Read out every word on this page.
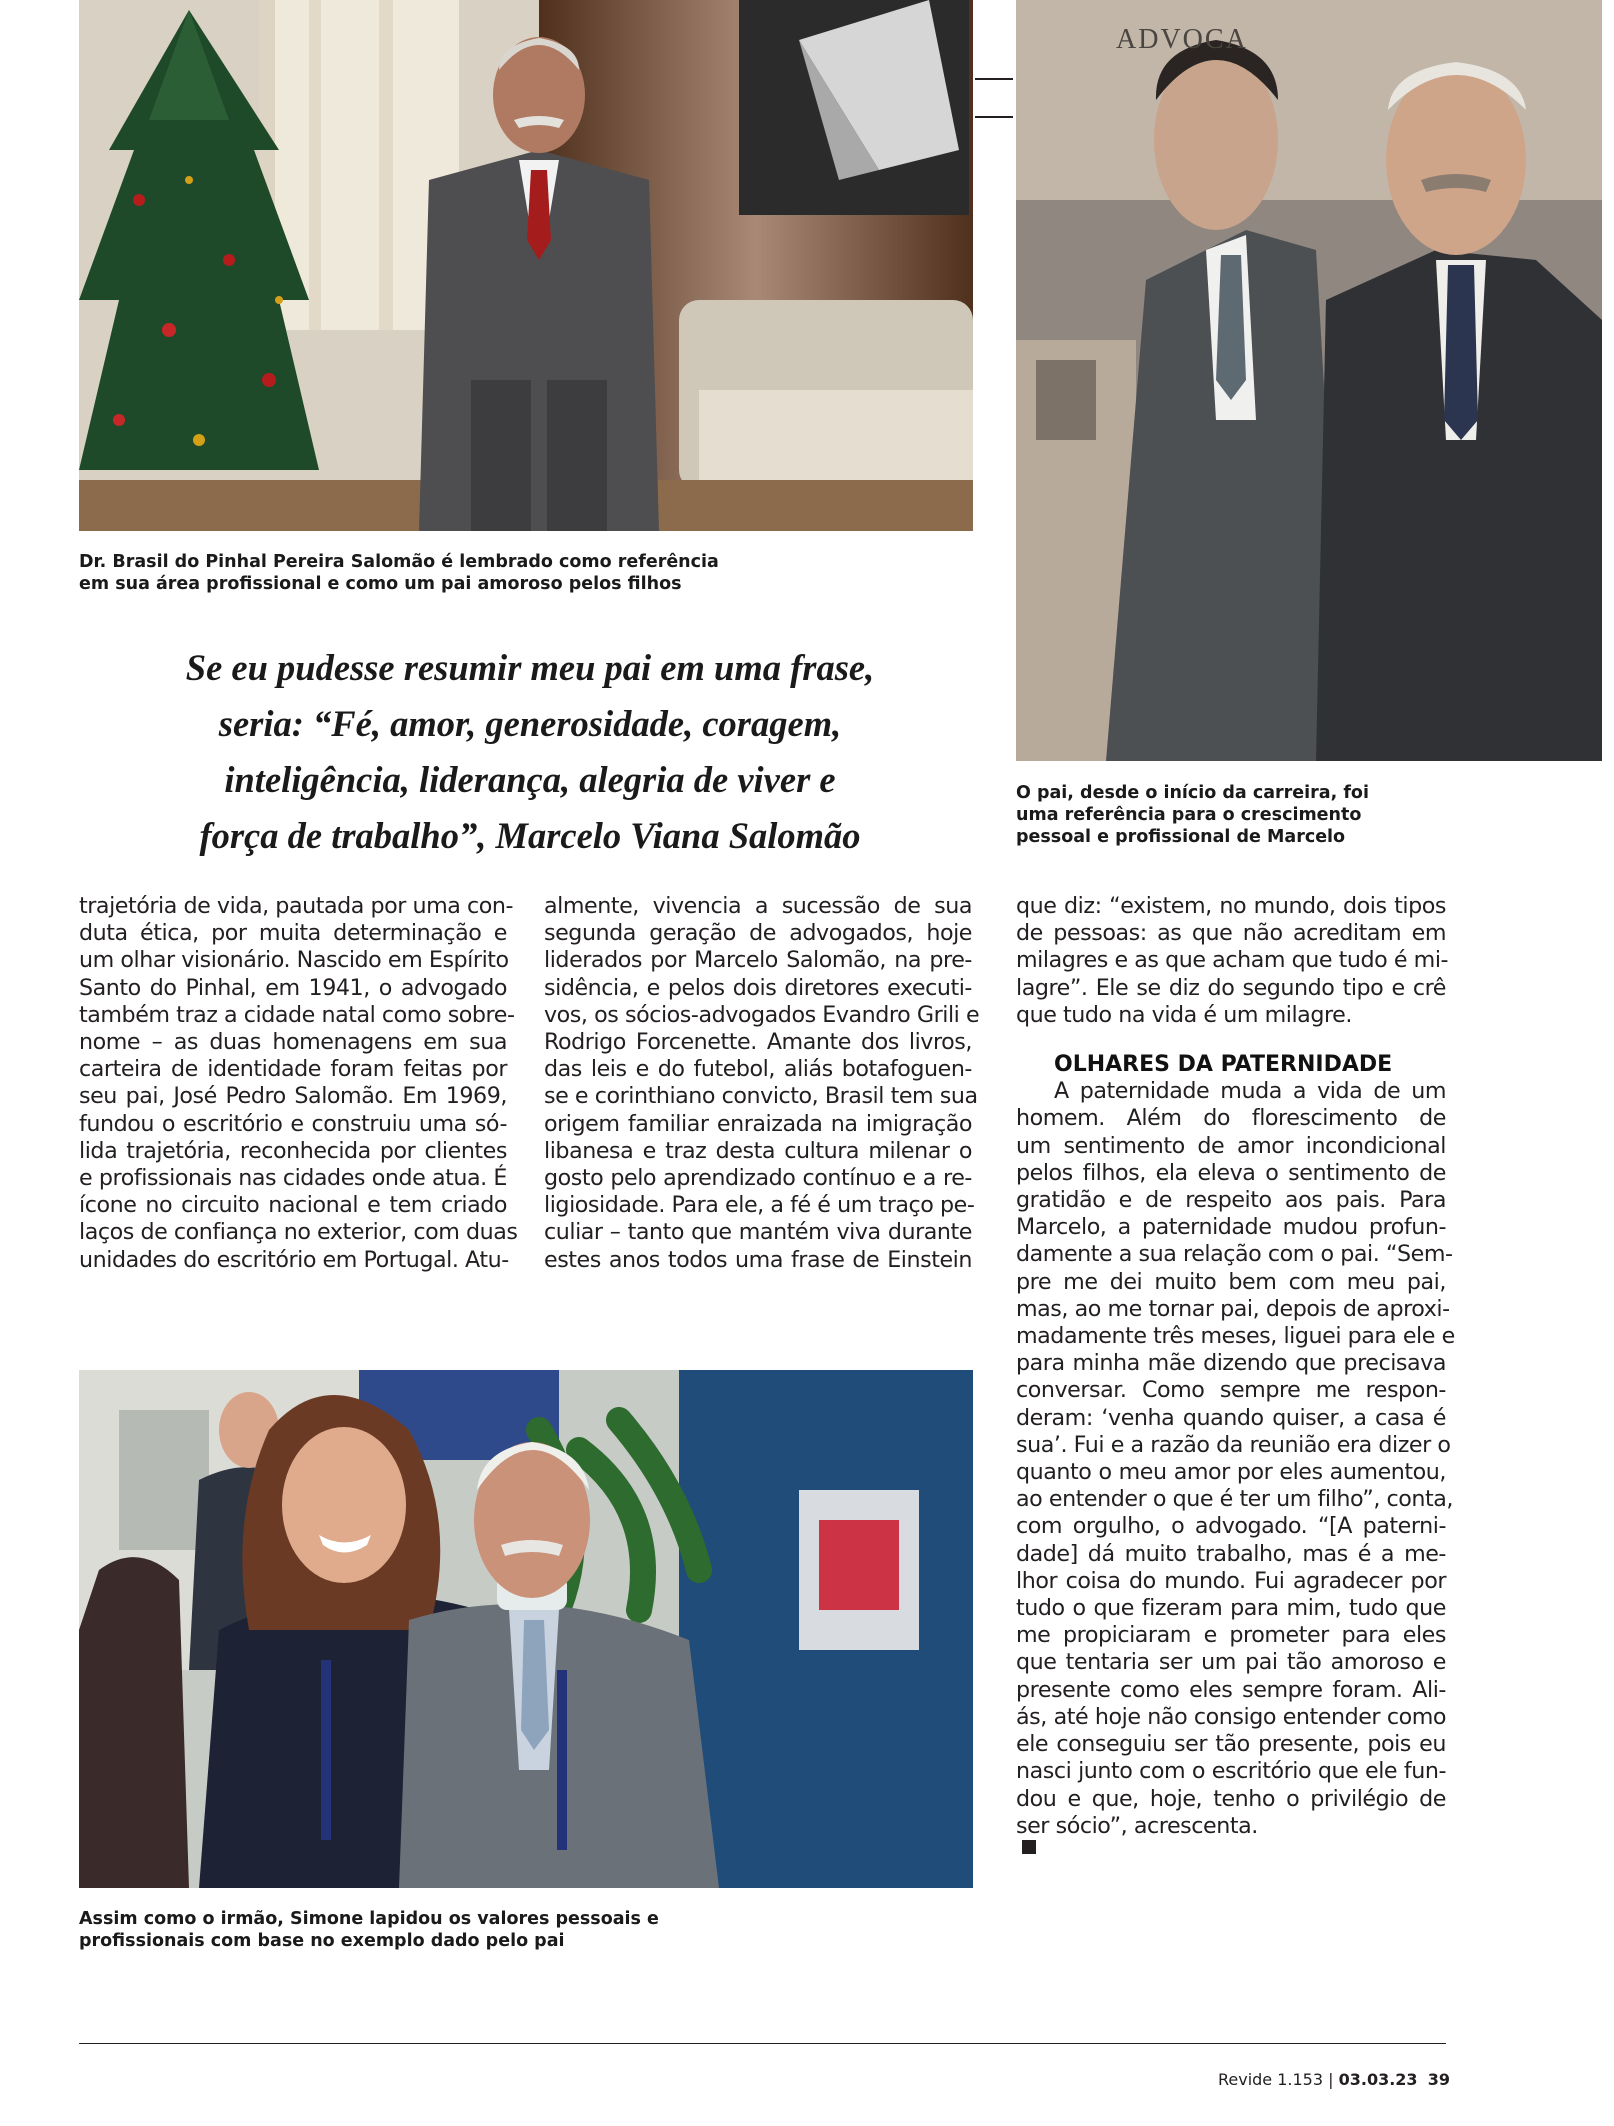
Dr. Brasil do Pinhal Pereira Salomão é lembrado como referência
em sua área profissional e como um pai amoroso pelos filhos

ADVOCA

O pai, desde o início da carreira, foi
uma referência para o crescimento
pessoal e profissional de Marcelo

Se eu pudesse resumir meu pai em uma frase,
seria: “Fé, amor, generosidade, coragem,
inteligência, liderança, alegria de viver e
força de trabalho”, Marcelo Viana Salomão

trajetória de vida, pautada por uma con-
duta ética, por muita determinação e
um olhar visionário. Nascido em Espírito
Santo do Pinhal, em 1941, o advogado
também traz a cidade natal como sobre-
nome – as duas homenagens em sua
carteira de identidade foram feitas por
seu pai, José Pedro Salomão. Em 1969,
fundou o escritório e construiu uma só-
lida trajetória, reconhecida por clientes
e profissionais nas cidades onde atua. É
ícone no circuito nacional e tem criado
laços de confiança no exterior, com duas
unidades do escritório em Portugal. Atu-
almente, vivencia a sucessão de sua
segunda geração de advogados, hoje
liderados por Marcelo Salomão, na pre-
sidência, e pelos dois diretores executi-
vos, os sócios-advogados Evandro Grili e
Rodrigo Forcenette. Amante dos livros,
das leis e do futebol, aliás botafoguen-
se e corinthiano convicto, Brasil tem sua
origem familiar enraizada na imigração
libanesa e traz desta cultura milenar o
gosto pelo aprendizado contínuo e a re-
ligiosidade. Para ele, a fé é um traço pe-
culiar – tanto que mantém viva durante
estes anos todos uma frase de Einstein
que diz: “existem, no mundo, dois tipos
de pessoas: as que não acreditam em
milagres e as que acham que tudo é mi-
lagre”. Ele se diz do segundo tipo e crê
que tudo na vida é um milagre.
OLHARES DA PATERNIDADE
A paternidade muda a vida de um
homem. Além do florescimento de
um sentimento de amor incondicional
pelos filhos, ela eleva o sentimento de
gratidão e de respeito aos pais. Para
Marcelo, a paternidade mudou profun-
damente a sua relação com o pai. “Sem-
pre me dei muito bem com meu pai,
mas, ao me tornar pai, depois de aproxi-
madamente três meses, liguei para ele e
para minha mãe dizendo que precisava
conversar. Como sempre me respon-
deram: ‘venha quando quiser, a casa é
sua’. Fui e a razão da reunião era dizer o
quanto o meu amor por eles aumentou,
ao entender o que é ter um filho”, conta,
com orgulho, o advogado. “[A paterni-
dade] dá muito trabalho, mas é a me-
lhor coisa do mundo. Fui agradecer por
tudo o que fizeram para mim, tudo que
me propiciaram e prometer para eles
que tentaria ser um pai tão amoroso e
presente como eles sempre foram. Ali-
ás, até hoje não consigo entender como
ele conseguiu ser tão presente, pois eu
nasci junto com o escritório que ele fun-
dou e que, hoje, tenho o privilégio de
ser sócio”, acrescenta.

Assim como o irmão, Simone lapidou os valores pessoais e
profissionais com base no exemplo dado pelo pai

Revide 1.153 | 03.03.23 39
